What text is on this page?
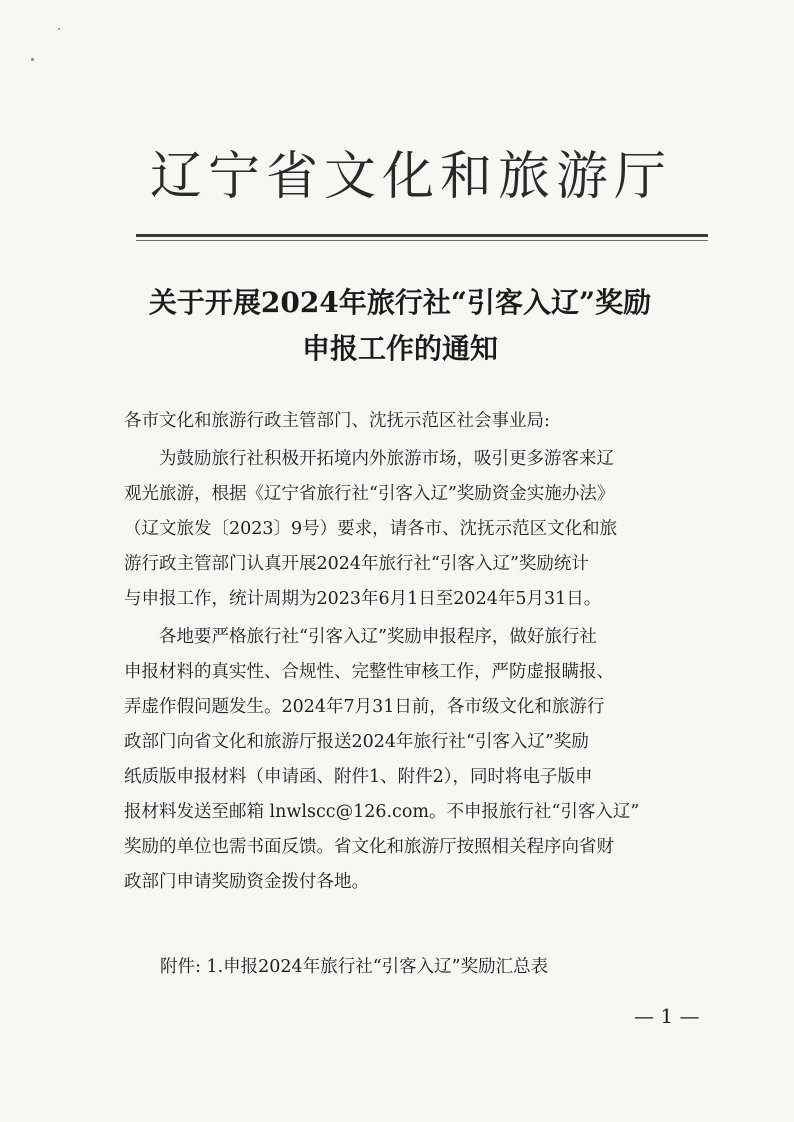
辽宁省文化和旅游厅
关于开展2024年旅行社“引客入辽”奖励
申报工作的通知
各市文化和旅游行政主管部门、沈抚示范区社会事业局:
　　为鼓励旅行社积极开拓境内外旅游市场，吸引更多游客来辽
观光旅游，根据《辽宁省旅行社“引客入辽”奖励资金实施办法》
（辽文旅发〔2023〕9号）要求，请各市、沈抚示范区文化和旅
游行政主管部门认真开展2024年旅行社“引客入辽”奖励统计
与申报工作，统计周期为2023年6月1日至2024年5月31日。
　　各地要严格旅行社“引客入辽”奖励申报程序，做好旅行社
申报材料的真实性、合规性、完整性审核工作，严防虚报瞒报、
弄虚作假问题发生。2024年7月31日前，各市级文化和旅游行
政部门向省文化和旅游厅报送2024年旅行社“引客入辽”奖励
纸质版申报材料（申请函、附件1、附件2），同时将电子版申
报材料发送至邮箱 lnwlscc@126.com。不申报旅行社“引客入辽”
奖励的单位也需书面反馈。省文化和旅游厅按照相关程序向省财
政部门申请奖励资金拨付各地。
附件: 1.申报2024年旅行社“引客入辽”奖励汇总表
— 1 —
